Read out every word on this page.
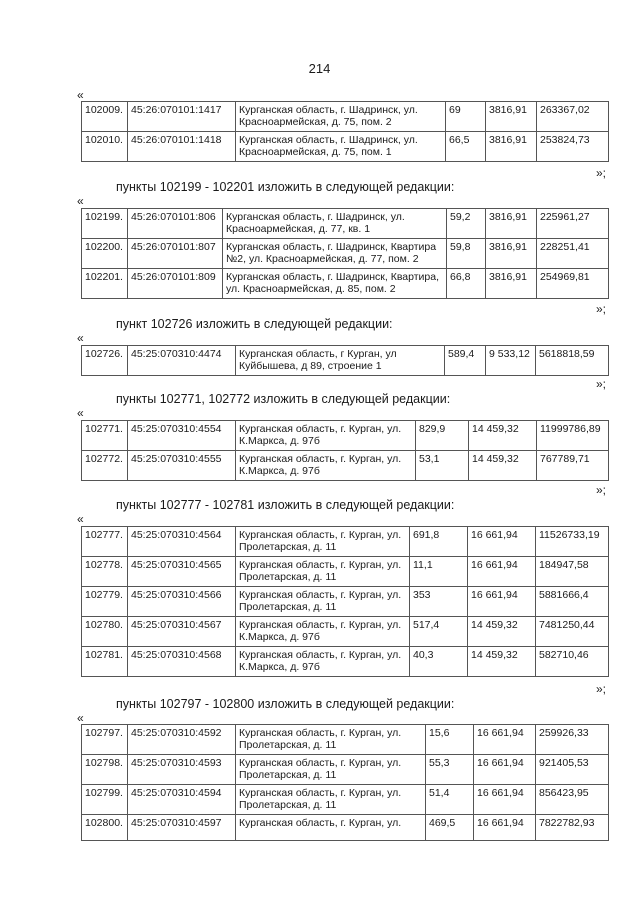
214
«
102009.	45:26:070101:1417	Курганская область, г. Шадринск, ул. Красноармейская, д. 75, пом. 2	69	3816,91	263367,02
102010.	45:26:070101:1418	Курганская область, г. Шадринск, ул. Красноармейская, д. 75, пом. 1	66,5	3816,91	253824,73
»;
пункты 102199 - 102201 изложить в следующей редакции:
«
102199.	45:26:070101:806	Курганская область, г. Шадринск, ул. Красноармейская, д. 77, кв. 1	59,2	3816,91	225961,27
102200.	45:26:070101:807	Курганская область, г. Шадринск, Квартира №2, ул. Красноармейская, д. 77, пом. 2	59,8	3816,91	228251,41
102201.	45:26:070101:809	Курганская область, г. Шадринск, Квартира, ул. Красноармейская, д. 85, пом. 2	66,8	3816,91	254969,81
»;
пункт 102726 изложить в следующей редакции:
«
102726.	45:25:070310:4474	Курганская область, г Курган, ул Куйбышева, д 89, строение 1	589,4	9 533,12	5618818,59
»;
пункты 102771, 102772 изложить в следующей редакции:
«
102771.	45:25:070310:4554	Курганская область, г. Курган, ул. К.Маркса, д. 97б	829,9	14 459,32	11999786,89
102772.	45:25:070310:4555	Курганская область, г. Курган, ул. К.Маркса, д. 97б	53,1	14 459,32	767789,71
»;
пункты 102777 - 102781 изложить в следующей редакции:
«
102777.	45:25:070310:4564	Курганская область, г. Курган, ул. Пролетарская, д. 11	691,8	16 661,94	11526733,19
102778.	45:25:070310:4565	Курганская область, г. Курган, ул. Пролетарская, д. 11	11,1	16 661,94	184947,58
102779.	45:25:070310:4566	Курганская область, г. Курган, ул. Пролетарская, д. 11	353	16 661,94	5881666,4
102780.	45:25:070310:4567	Курганская область, г. Курган, ул. К.Маркса, д. 97б	517,4	14 459,32	7481250,44
102781.	45:25:070310:4568	Курганская область, г. Курган, ул. К.Маркса, д. 97б	40,3	14 459,32	582710,46
»;
пункты 102797 - 102800 изложить в следующей редакции:
«
102797.	45:25:070310:4592	Курганская область, г. Курган, ул. Пролетарская, д. 11	15,6	16 661,94	259926,33
102798.	45:25:070310:4593	Курганская область, г. Курган, ул. Пролетарская, д. 11	55,3	16 661,94	921405,53
102799.	45:25:070310:4594	Курганская область, г. Курган, ул. Пролетарская, д. 11	51,4	16 661,94	856423,95
102800.	45:25:070310:4597	Курганская область, г. Курган, ул.	469,5	16 661,94	7822782,93
